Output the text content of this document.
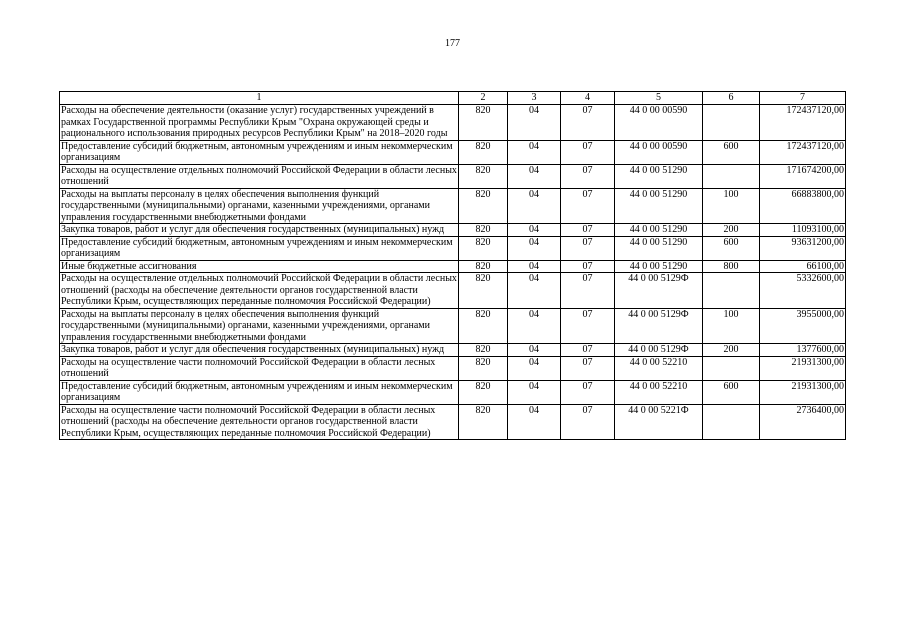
177
1	2	3	4	5	6	7
Расходы на обеспечение деятельности (оказание услуг) государственных учреждений в рамках Государственной программы Республики Крым "Охрана окружающей среды и рационального использования природных ресурсов Республики Крым" на 2018–2020 годы	820	04	07	44 0 00 00590		172437120,00
Предоставление субсидий бюджетным, автономным учреждениям и иным некоммерческим организациям	820	04	07	44 0 00 00590	600	172437120,00
Расходы на осуществление отдельных полномочий Российской Федерации в области лесных отношений	820	04	07	44 0 00 51290		171674200,00
Расходы на выплаты персоналу в целях обеспечения выполнения функций государственными (муниципальными) органами, казенными учреждениями, органами управления государственными внебюджетными фондами	820	04	07	44 0 00 51290	100	66883800,00
Закупка товаров, работ и услуг для обеспечения государственных (муниципальных) нужд	820	04	07	44 0 00 51290	200	11093100,00
Предоставление субсидий бюджетным, автономным учреждениям и иным некоммерческим организациям	820	04	07	44 0 00 51290	600	93631200,00
Иные бюджетные ассигнования	820	04	07	44 0 00 51290	800	66100,00
Расходы на осуществление отдельных полномочий Российской Федерации в области лесных отношений (расходы на обеспечение деятельности органов государственной власти Республики Крым, осуществляющих переданные полномочия Российской Федерации)	820	04	07	44 0 00 5129Ф		5332600,00
Расходы на выплаты персоналу в целях обеспечения выполнения функций государственными (муниципальными) органами, казенными учреждениями, органами управления государственными внебюджетными фондами	820	04	07	44 0 00 5129Ф	100	3955000,00
Закупка товаров, работ и услуг для обеспечения государственных (муниципальных) нужд	820	04	07	44 0 00 5129Ф	200	1377600,00
Расходы на осуществление части полномочий Российской Федерации в области лесных отношений	820	04	07	44 0 00 52210		21931300,00
Предоставление субсидий бюджетным, автономным учреждениям и иным некоммерческим организациям	820	04	07	44 0 00 52210	600	21931300,00
Расходы на осуществление части полномочий Российской Федерации в области лесных отношений (расходы на обеспечение деятельности органов государственной власти Республики Крым, осуществляющих переданные полномочия Российской Федерации)	820	04	07	44 0 00 5221Ф		2736400,00
